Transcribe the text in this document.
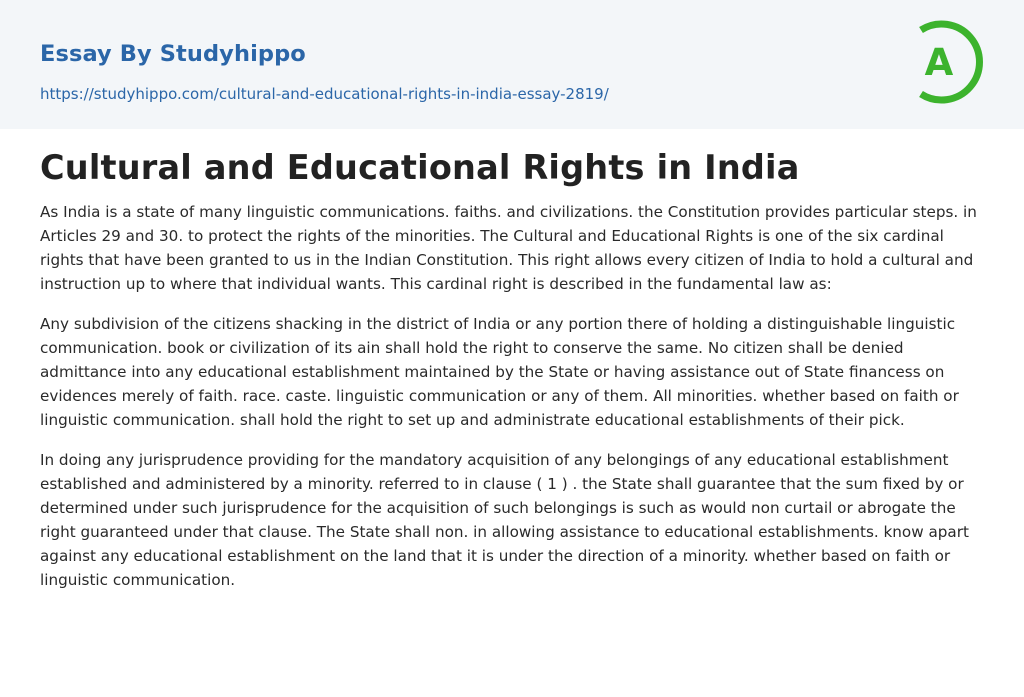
Essay By Studyhippo
https://studyhippo.com/cultural-and-educational-rights-in-india-essay-2819/
A
Cultural and Educational Rights in India

As India is a state of many linguistic communications. faiths. and civilizations. the Constitution provides particular steps. in Articles 29 and 30. to protect the rights of the minorities. The Cultural and Educational Rights is one of the six cardinal rights that have been granted to us in the Indian Constitution. This right allows every citizen of India to hold a cultural and instruction up to where that individual wants. This cardinal right is described in the fundamental law as:

Any subdivision of the citizens shacking in the district of India or any portion there of holding a distinguishable linguistic communication. book or civilization of its ain shall hold the right to conserve the same. No citizen shall be denied admittance into any educational establishment maintained by the State or having assistance out of State financess on evidences merely of faith. race. caste. linguistic communication or any of them. All minorities. whether based on faith or linguistic communication. shall hold the right to set up and administrate educational establishments of their pick.

In doing any jurisprudence providing for the mandatory acquisition of any belongings of any educational establishment established and administered by a minority. referred to in clause ( 1 ) . the State shall guarantee that the sum fixed by or determined under such jurisprudence for the acquisition of such belongings is such as would non curtail or abrogate the right guaranteed under that clause. The State shall non. in allowing assistance to educational establishments. know apart against any educational establishment on the land that it is under the direction of a minority. whether based on faith or linguistic communication.
